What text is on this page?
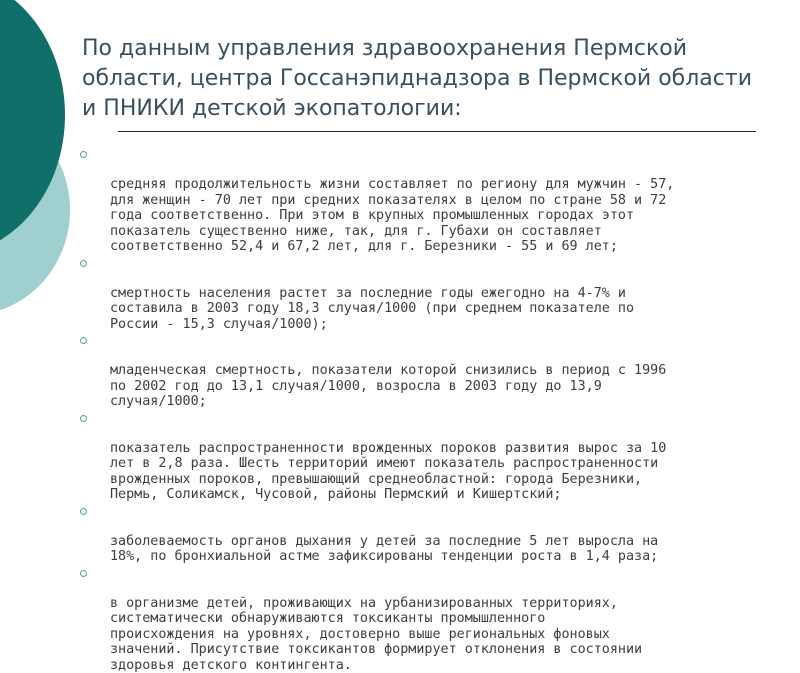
По данным управления здравоохранения Пермской
области, центра Госсанэпиднадзора в Пермской области
и ПНИКИ детской экопатологии:

средняя продолжительность жизни составляет по региону для мужчин - 57,
для женщин - 70 лет при средних показателях в целом по стране 58 и 72
года соответственно. При этом в крупных промышленных городах этот
показатель существенно ниже, так, для г. Губахи он составляет
соответственно 52,4 и 67,2 лет, для г. Березники - 55 и 69 лет;

смертность населения растет за последние годы ежегодно на 4-7% и
составила в 2003 году 18,3 случая/1000 (при среднем показателе по
России - 15,3 случая/1000);

младенческая смертность, показатели которой снизились в период с 1996
по 2002 год до 13,1 случая/1000, возросла в 2003 году до 13,9
случая/1000;

показатель распространенности врожденных пороков развития вырос за 10
лет в 2,8 раза. Шесть территорий имеют показатель распространенности
врожденных пороков, превышающий среднеобластной: города Березники,
Пермь, Соликамск, Чусовой, районы Пермский и Кишертский;

заболеваемость органов дыхания у детей за последние 5 лет выросла на
18%, по бронхиальной астме зафиксированы тенденции роста в 1,4 раза;

в организме детей, проживающих на урбанизированных территориях,
систематически обнаруживаются токсиканты промышленного
происхождения на уровнях, достоверно выше региональных фоновых
значений. Присутствие токсикантов формирует отклонения в состоянии
здоровья детского контингента.
